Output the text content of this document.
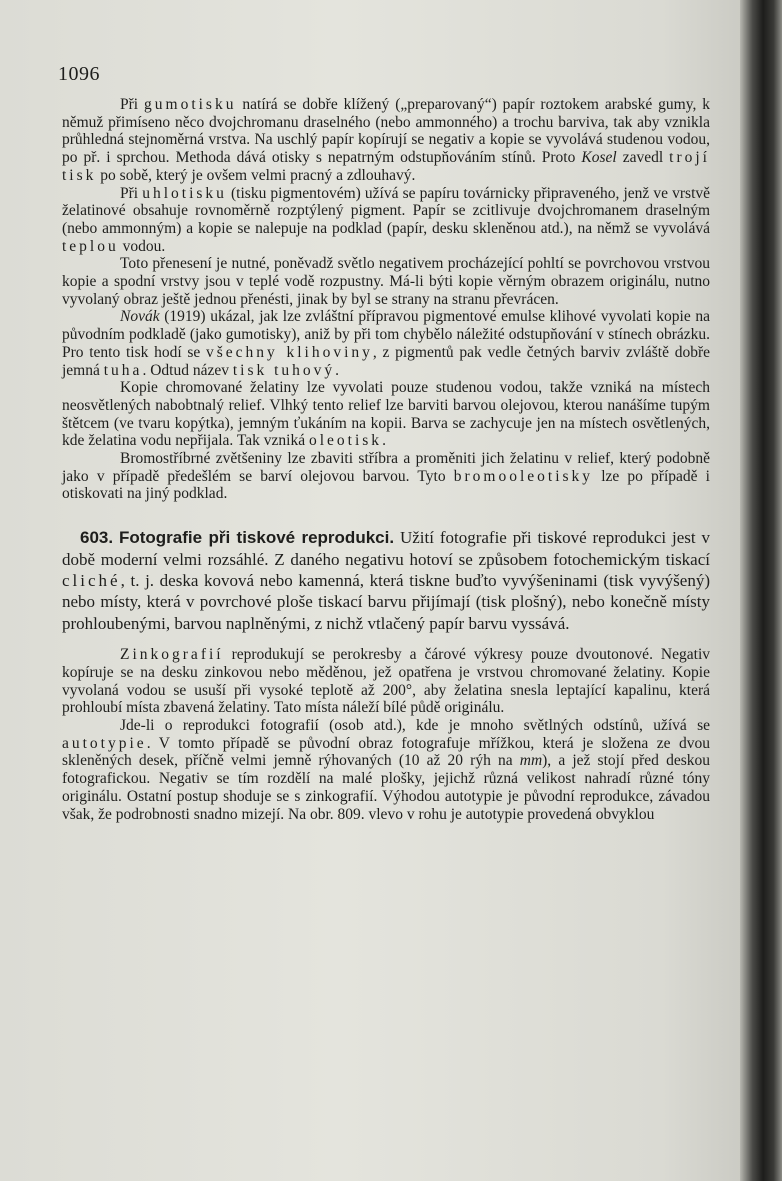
1096

Při gumotisku natírá se dobře klížený („preparovaný“) papír roztokem arabské gumy, k němuž přimíseno něco dvojchromanu draselného (nebo ammonného) a trochu barviva, tak aby vznikla průhledná stejnoměrná vrstva. Na uschlý papír kopírují se negativ a kopie se vyvolává studenou vodou, po př. i sprchou. Methoda dává otisky s nepatrným odstupňováním stínů. Proto Kosel zavedl trojí tisk po sobě, který je ovšem velmi pracný a zdlouhavý.

Při uhlotisku (tisku pigmentovém) užívá se papíru továrnicky připraveného, jenž ve vrstvě želatinové obsahuje rovnoměrně rozptýlený pigment. Papír se zcitlivuje dvojchromanem draselným (nebo ammonným) a kopie se nalepuje na podklad (papír, desku skleněnou atd.), na němž se vyvolává teplou vodou.

Toto přenesení je nutné, poněvadž světlo negativem procházející pohltí se povrchovou vrstvou kopie a spodní vrstvy jsou v teplé vodě rozpustny. Má-li býti kopie věrným obrazem originálu, nutno vyvolaný obraz ještě jednou přenésti, jinak by byl se strany na stranu převrácen.

Novák (1919) ukázal, jak lze zvláštní přípravou pigmentové emulse klihové vyvolati kopie na původním podkladě (jako gumotisky), aniž by při tom chybělo náležité odstupňování v stínech obrázku. Pro tento tisk hodí se všechny klihoviny, z pigmentů pak vedle četných barviv zvláště dobře jemná tuha. Odtud název tisk tuhový.

Kopie chromované želatiny lze vyvolati pouze studenou vodou, takže vzniká na místech neosvětlených nabobtnalý relief. Vlhký tento relief lze barviti barvou olejovou, kterou nanášíme tupým štětcem (ve tvaru kopýtka), jemným ťukáním na kopii. Barva se zachycuje jen na místech osvětlených, kde želatina vodu nepřijala. Tak vzniká oleotisk.

Bromostříbrné zvětšeniny lze zbaviti stříbra a proměniti jich želatinu v relief, který podobně jako v případě předešlém se barví olejovou barvou. Tyto bromooleotisky lze po případě i otiskovati na jiný podklad.

603. Fotografie při tiskové reprodukci. Užití fotografie při tiskové reprodukci jest v době moderní velmi rozsáhlé. Z daného negativu hotoví se způsobem fotochemickým tiskací cliché, t. j. deska kovová nebo kamenná, která tiskne buďto vyvýšeninami (tisk vyvýšený) nebo místy, která v povrchové ploše tiskací barvu přijímají (tisk plošný), nebo konečně místy prohloubenými, barvou naplněnými, z nichž vtlačený papír barvu vyssává.

Zinkografií reprodukují se perokresby a čárové výkresy pouze dvoutonové. Negativ kopíruje se na desku zinkovou nebo měděnou, jež opatřena je vrstvou chromované želatiny. Kopie vyvolaná vodou se usuší při vysoké teplotě až 200°, aby želatina snesla leptající kapalinu, která prohloubí místa zbavená želatiny. Tato místa náleží bílé půdě originálu.

Jde-li o reprodukci fotografií (osob atd.), kde je mnoho světlných odstínů, užívá se autotypie. V tomto případě se původní obraz fotografuje mřížkou, která je složena ze dvou skleněných desek, příčně velmi jemně rýhovaných (10 až 20 rýh na mm), a jež stojí před deskou fotografickou. Negativ se tím rozdělí na malé plošky, jejichž různá velikost nahradí různé tóny originálu. Ostatní postup shoduje se s zinkografií. Výhodou autotypie je původní reprodukce, závadou však, že podrobnosti snadno mizejí. Na obr. 809. vlevo v rohu je autotypie provedená obvyklou
